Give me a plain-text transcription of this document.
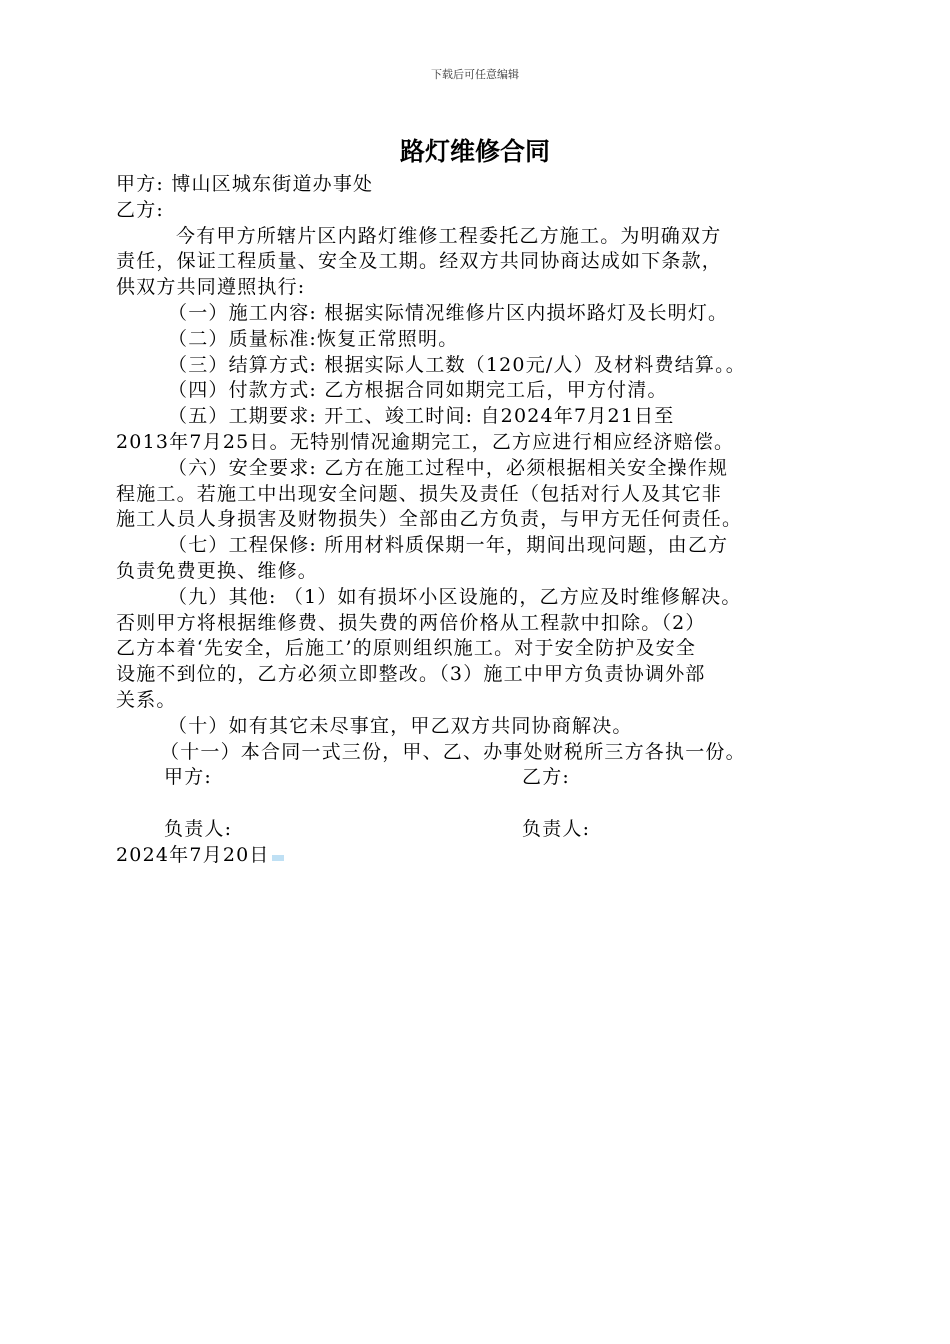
下载后可任意编辑
路灯维修合同
甲方: 博山区城东街道办事处
乙方:
今有甲方所辖片区内路灯维修工程委托乙方施工。为明确双方
责任，保证工程质量、安全及工期。经双方共同协商达成如下条款，
供双方共同遵照执行:
（一）施工内容: 根据实际情况维修片区内损坏路灯及长明灯。
（二）质量标准:恢复正常照明。
（三）结算方式: 根据实际人工数（120元/人）及材料费结算。。
（四）付款方式: 乙方根据合同如期完工后，甲方付清。
（五）工期要求: 开工、竣工时间: 自2024年7月21日至
2013年7月25日。无特别情况逾期完工，乙方应进行相应经济赔偿。
（六）安全要求: 乙方在施工过程中，必须根据相关安全操作规
程施工。若施工中出现安全问题、损失及责任（包括对行人及其它非
施工人员人身损害及财物损失）全部由乙方负责，与甲方无任何责任。
（七）工程保修: 所用材料质保期一年，期间出现问题，由乙方
负责免费更换、维修。
（九）其他: （1）如有损坏小区设施的，乙方应及时维修解决。
否则甲方将根据维修费、损失费的两倍价格从工程款中扣除。（2）
乙方本着‘先安全，后施工’的原则组织施工。对于安全防护及安全
设施不到位的，乙方必须立即整改。（3）施工中甲方负责协调外部
关系。
（十）如有其它未尽事宜，甲乙双方共同协商解决。
（十一）本合同一式三份，甲、乙、办事处财税所三方各执一份。
甲方:	乙方:
负责人:	负责人:
2024年7月20日
